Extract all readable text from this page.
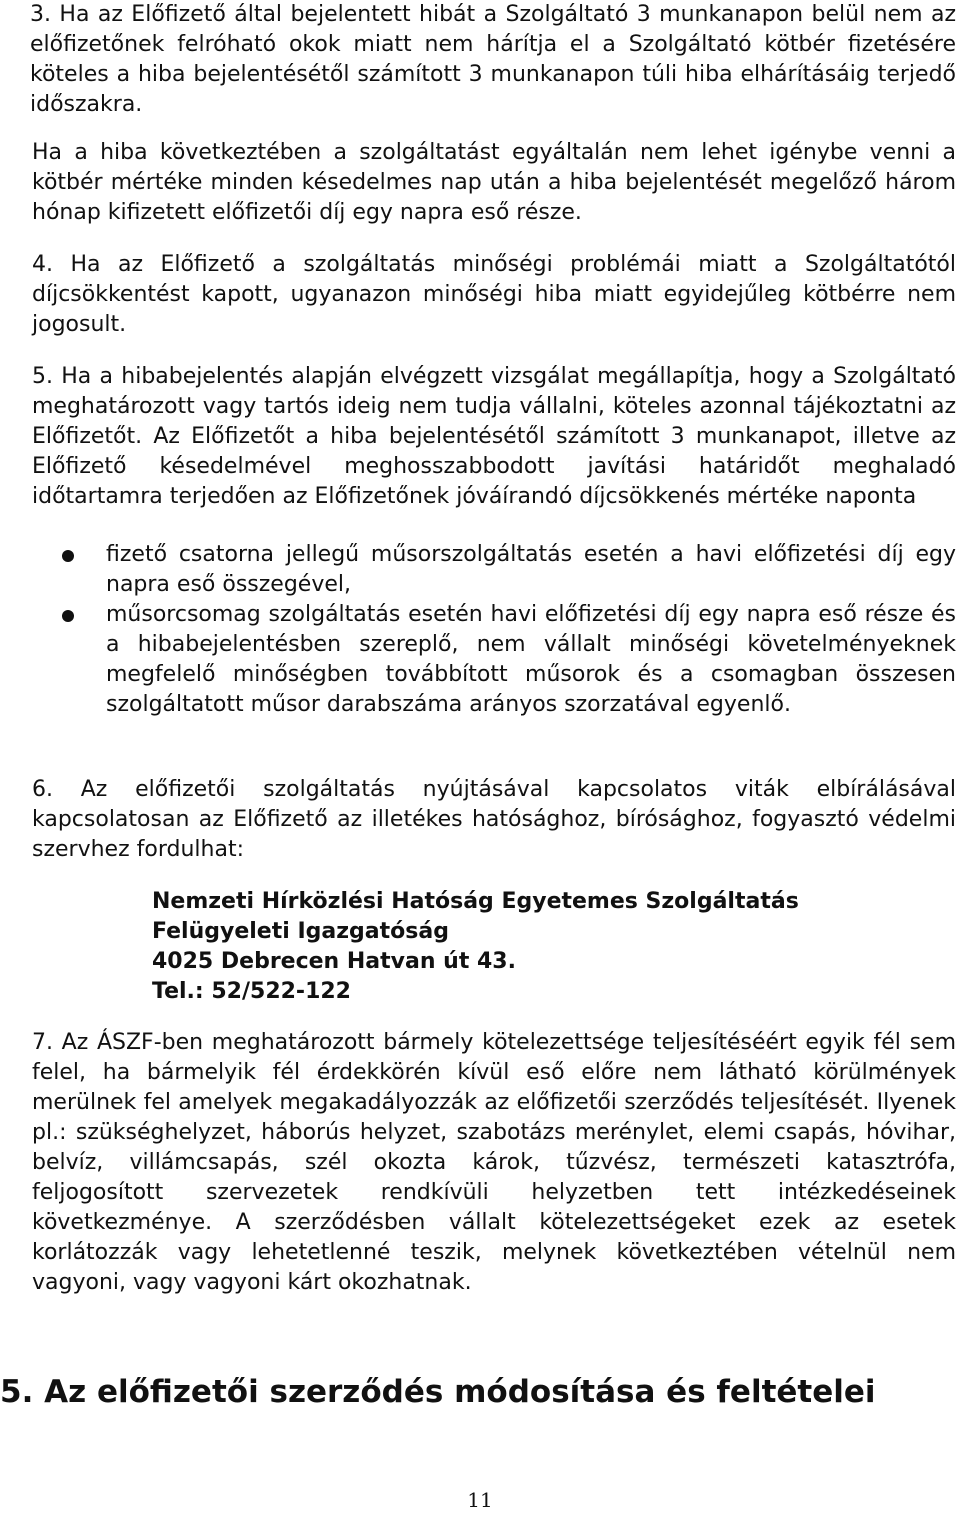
3. Ha az Előfizető által bejelentett hibát a Szolgáltató 3 munkanapon belül nem az előfizetőnek felróható okok miatt nem hárítja el a Szolgáltató kötbér fizetésére köteles a hiba bejelentésétől számított 3 munkanapon túli hiba elhárításáig terjedő időszakra.

Ha a hiba következtében a szolgáltatást egyáltalán nem lehet igénybe venni a kötbér mértéke minden késedelmes nap után a hiba bejelentését megelőző három hónap kifizetett előfizetői díj egy napra eső része.

4. Ha az Előfizető a szolgáltatás minőségi problémái miatt a Szolgáltatótól díjcsökkentést kapott, ugyanazon minőségi hiba miatt egyidejűleg kötbérre nem jogosult.

5. Ha a hibabejelentés alapján elvégzett vizsgálat megállapítja, hogy a Szolgáltató meghatározott vagy tartós ideig nem tudja vállalni, köteles azonnal tájékoztatni az Előfizetőt. Az Előfizetőt a hiba bejelentésétől számított 3 munkanapot, illetve az Előfizető késedelmével meghosszabbodott javítási határidőt meghaladó időtartamra terjedően az Előfizetőnek jóváírandó díjcsökkenés mértéke naponta

fizető csatorna jellegű műsorszolgáltatás esetén a havi előfizetési díj egy napra eső összegével,
műsorcsomag szolgáltatás esetén havi előfizetési díj egy napra eső része és a hibabejelentésben szereplő, nem vállalt minőségi követelményeknek megfelelő minőségben továbbított műsorok és a csomagban összesen szolgáltatott műsor darabszáma arányos szorzatával egyenlő.

6. Az előfizetői szolgáltatás nyújtásával kapcsolatos viták elbírálásával kapcsolatosan az Előfizető az illetékes hatósághoz, bírósághoz, fogyasztó védelmi szervhez fordulhat:

Nemzeti Hírközlési Hatóság Egyetemes Szolgáltatás
Felügyeleti Igazgatóság
4025 Debrecen Hatvan út 43.
Tel.: 52/522-122

7. Az ÁSZF-ben meghatározott bármely kötelezettsége teljesítéséért egyik fél sem felel, ha bármelyik fél érdekkörén kívül eső előre nem látható körülmények merülnek fel amelyek megakadályozzák az előfizetői szerződés teljesítését. Ilyenek pl.: szükséghelyzet, háborús helyzet, szabotázs merénylet, elemi csapás, hóvihar, belvíz, villámcsapás, szél okozta károk, tűzvész, természeti katasztrófa, feljogosított szervezetek rendkívüli helyzetben tett intézkedéseinek következménye. A szerződésben vállalt kötelezettségeket ezek az esetek korlátozzák vagy lehetetlenné teszik, melynek következtében vételnül nem vagyoni, vagy vagyoni kárt okozhatnak.

5. Az előfizetői szerződés módosítása és feltételei
11
